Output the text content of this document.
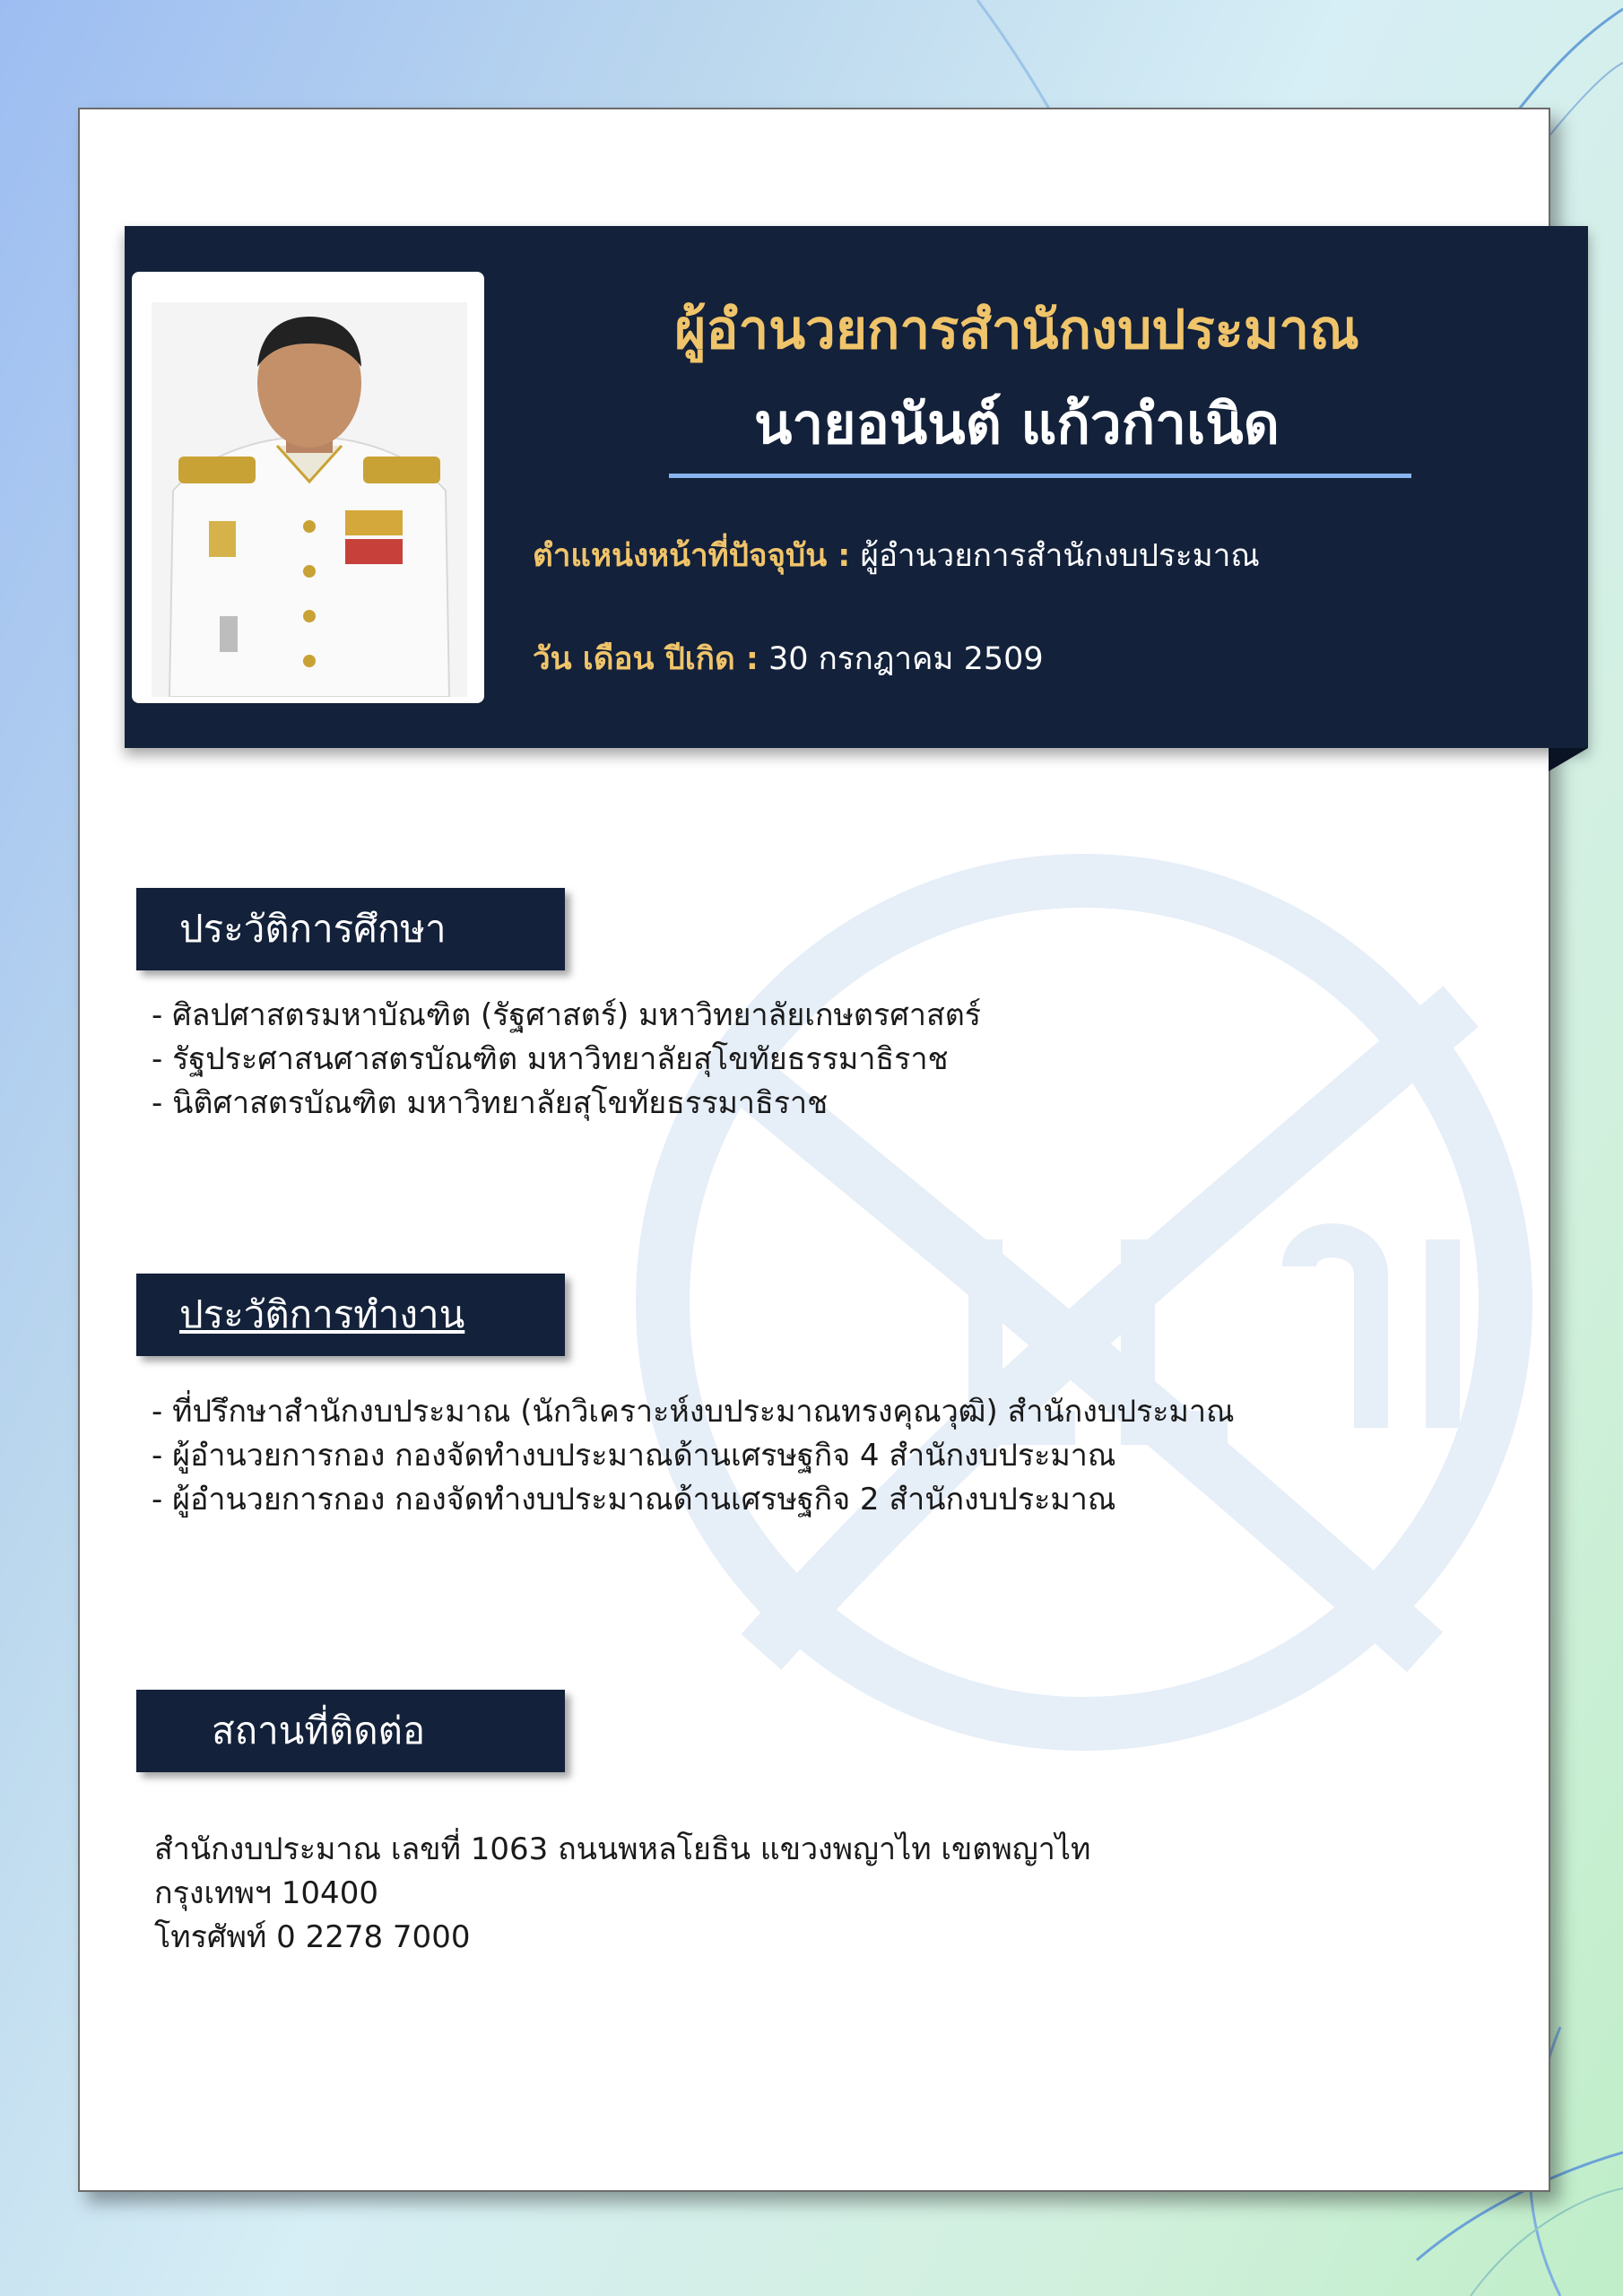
ผู้อำนวยการสำนักงบประมาณ
นายอนันต์ แก้วกำเนิด
ตำแหน่งหน้าที่ปัจจุบัน : ผู้อำนวยการสำนักงบประมาณ
วัน เดือน ปีเกิด : 30 กรกฎาคม 2509
ประวัติการศึกษา
- ศิลปศาสตรมหาบัณฑิต (รัฐศาสตร์) มหาวิทยาลัยเกษตรศาสตร์
- รัฐประศาสนศาสตรบัณฑิต มหาวิทยาลัยสุโขทัยธรรมาธิราช
- นิติศาสตรบัณฑิต มหาวิทยาลัยสุโขทัยธรรมาธิราช
ประวัติการทำงาน
- ที่ปรึกษาสำนักงบประมาณ (นักวิเคราะห์งบประมาณทรงคุณวุฒิ) สำนักงบประมาณ
- ผู้อำนวยการกอง กองจัดทำงบประมาณด้านเศรษฐกิจ 4 สำนักงบประมาณ
- ผู้อำนวยการกอง กองจัดทำงบประมาณด้านเศรษฐกิจ 2 สำนักงบประมาณ
สถานที่ติดต่อ
สำนักงบประมาณ เลขที่ 1063 ถนนพหลโยธิน แขวงพญาไท เขตพญาไท
กรุงเทพฯ 10400
โทรศัพท์ 0 2278 7000
